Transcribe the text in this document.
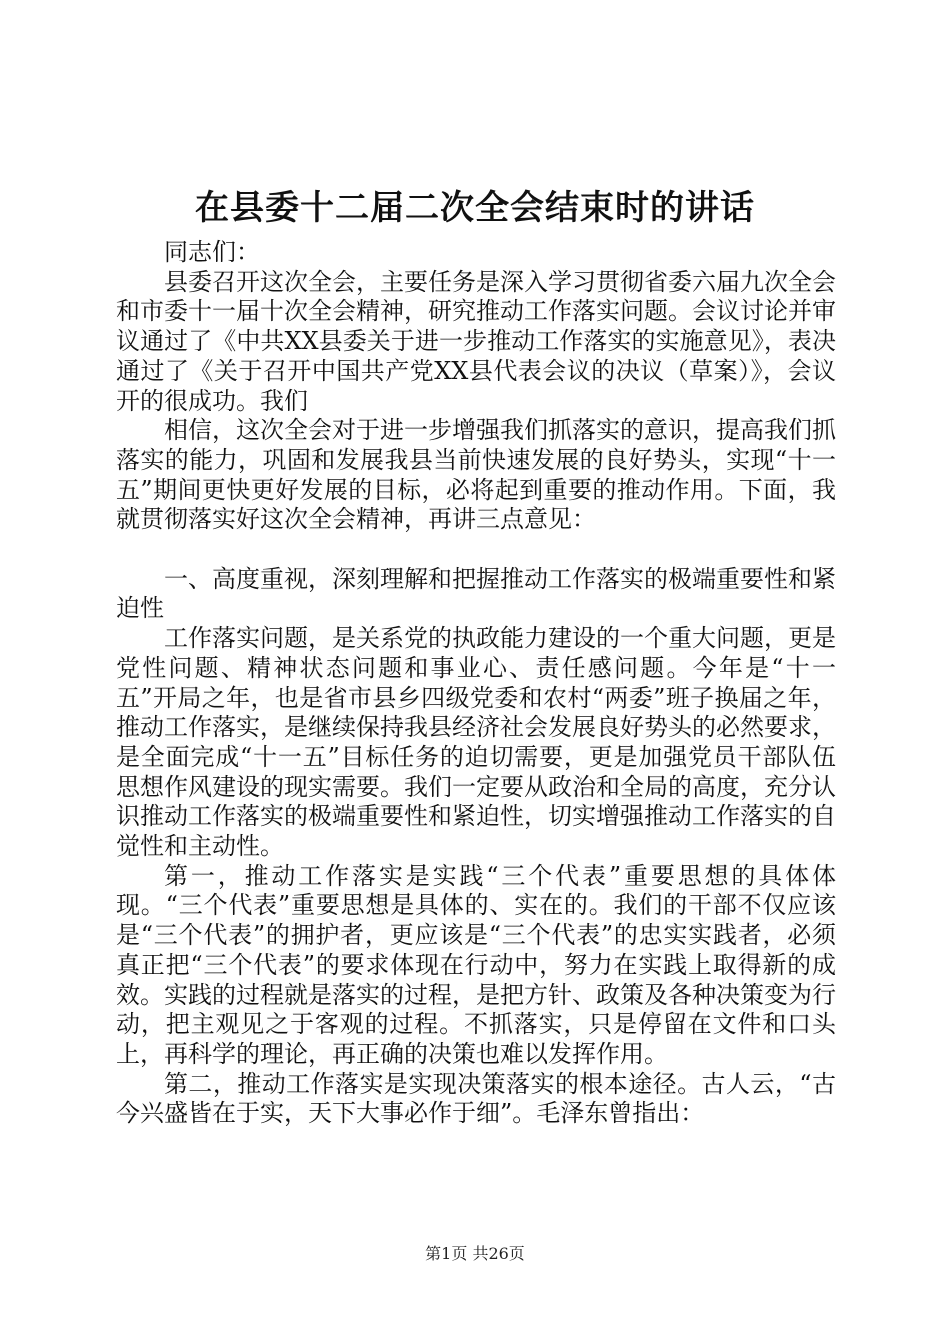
在县委十二届二次全会结束时的讲话

同志们：

县委召开这次全会，主要任务是深入学习贯彻省委六届九次全会和市委十一届十次全会精神，研究推动工作落实问题。会议讨论并审议通过了《中共XX县委关于进一步推动工作落实的实施意见》，表决通过了《关于召开中国共产党XX县代表会议的决议（草案）》，会议开的很成功。我们

相信，这次全会对于进一步增强我们抓落实的意识，提高我们抓落实的能力，巩固和发展我县当前快速发展的良好势头，实现“十一五”期间更快更好发展的目标，必将起到重要的推动作用。下面，我就贯彻落实好这次全会精神，再讲三点意见：

一、高度重视，深刻理解和把握推动工作落实的极端重要性和紧迫性

工作落实问题，是关系党的执政能力建设的一个重大问题，更是党性问题、精神状态问题和事业心、责任感问题。今年是“十一五”开局之年，也是省市县乡四级党委和农村“两委”班子换届之年，推动工作落实，是继续保持我县经济社会发展良好势头的必然要求，是全面完成“十一五”目标任务的迫切需要，更是加强党员干部队伍思想作风建设的现实需要。我们一定要从政治和全局的高度，充分认识推动工作落实的极端重要性和紧迫性，切实增强推动工作落实的自觉性和主动性。

第一，推动工作落实是实践“三个代表”重要思想的具体体现。“三个代表”重要思想是具体的、实在的。我们的干部不仅应该是“三个代表”的拥护者，更应该是“三个代表”的忠实实践者，必须真正把“三个代表”的要求体现在行动中，努力在实践上取得新的成效。实践的过程就是落实的过程，是把方针、政策及各种决策变为行动，把主观见之于客观的过程。不抓落实，只是停留在文件和口头上，再科学的理论，再正确的决策也难以发挥作用。

第二，推动工作落实是实现决策落实的根本途径。古人云，“古今兴盛皆在于实，天下大事必作于细”。毛泽东曾指出：

第1页 共26页
